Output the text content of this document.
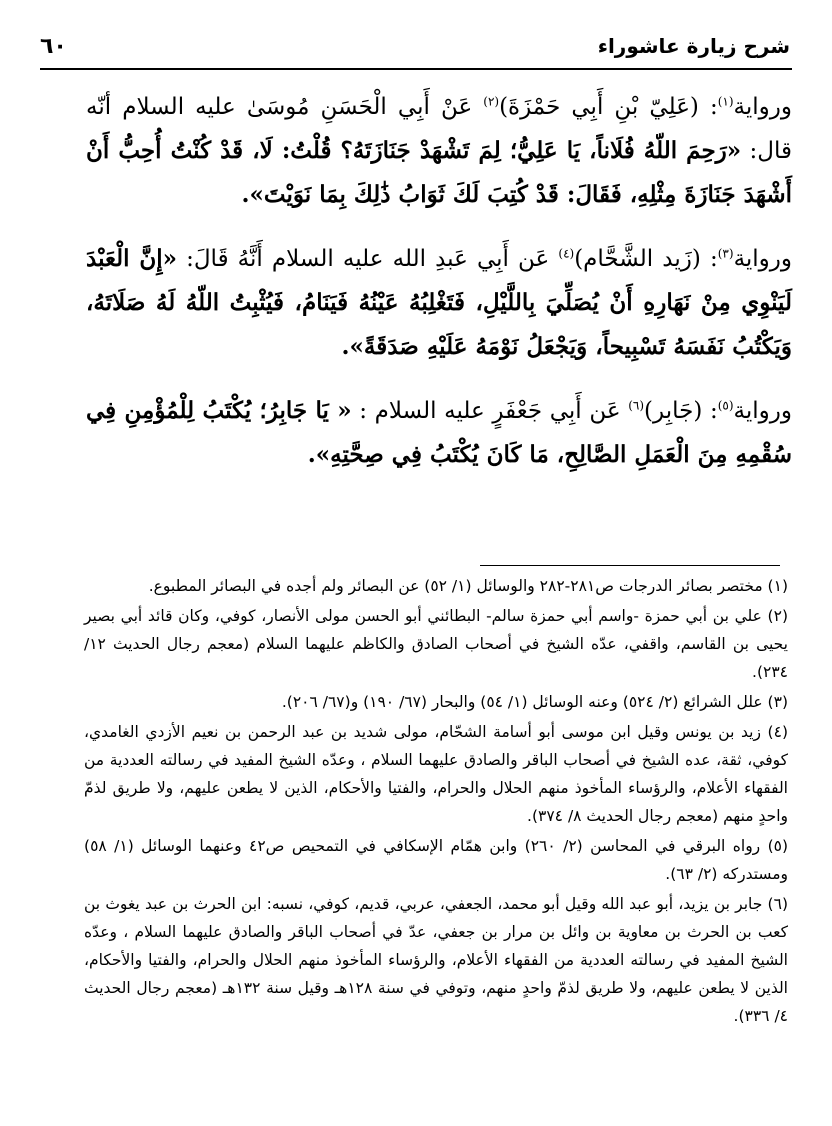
شرح زيارة عاشوراء
٦٠

ورواية$^{(١)}$: (عَلِيّ بْنِ أَبِي حَمْزَةَ)$^{(٢)}$ عَنْ أَبِي الْحَسَنِ مُوسَىٰ عليه السلام أنّه قال: «رَحِمَ اللّهُ فُلَاناً، يَا عَلِيُّ؛ لِمَ تَشْهَدْ جَنَازَتَهُ؟ قُلْتُ: لَا، قَدْ كُنْتُ أُحِبُّ أَنْ أَشْهَدَ جَنَازَةَ مِثْلِهِ، فَقَالَ: قَدْ كُتِبَ لَكَ ثَوَابُ ذَٰلِكَ بِمَا نَوَيْتَ».

ورواية$^{(٣)}$: (زَيد الشَّحَّام)$^{(٤)}$ عَن أَبِي عَبدِ الله عليه السلام أَنَّهُ قَالَ: «إِنَّ الْعَبْدَ لَيَنْوِي مِنْ نَهَارِهِ أَنْ يُصَلِّيَ بِاللَّيْلِ، فَتَغْلِبُهُ عَيْنُهُ فَيَنَامُ، فَيُثْبِتُ اللّهُ لَهُ صَلَاتَهُ، وَيَكْتُبُ نَفَسَهُ تَسْبِيحاً، وَيَجْعَلُ نَوْمَهُ عَلَيْهِ صَدَقَةً».

ورواية$^{(٥)}$: (جَابِر)$^{(٦)}$ عَن أَبِي جَعْفَرٍ عليه السلام : « يَا جَابِرُ؛ يُكْتَبُ لِلْمُؤْمِنِ فِي سُقْمِهِ مِنَ الْعَمَلِ الصَّالِحِ، مَا كَانَ يُكْتَبُ فِي صِحَّتِهِ».

(١) مختصر بصائر الدرجات ص٢٨١-٢٨٢ والوسائل (١/ ٥٢) عن البصائر ولم أجده في البصائر المطبوع.

(٢) علي بن أبي حمزة -واسم أبي حمزة سالم- البطائني أبو الحسن مولى الأنصار، كوفي، وكان قائد أبي بصير يحيى بن القاسم، واقفي، عدّه الشيخ في أصحاب الصادق والكاظم عليهما السلام (معجم رجال الحديث ١٢/ ٢٣٤).

(٣) علل الشرائع (٢/ ٥٢٤) وعنه الوسائل (١/ ٥٤) والبحار (٦٧/ ١٩٠) و(٦٧/ ٢٠٦).

(٤) زيد بن يونس وقيل ابن موسى أبو أسامة الشحّام، مولى شديد بن عبد الرحمن بن نعيم الأزدي الغامدي، كوفي، ثقة، عده الشيخ في أصحاب الباقر والصادق عليهما السلام ، وعدّه الشيخ المفيد في رسالته العددية من الفقهاء الأعلام، والرؤساء المأخوذ منهم الحلال والحرام، والفتيا والأحكام، الذين لا يطعن عليهم، ولا طريق لذمّ واحدٍ منهم (معجم رجال الحديث ٨/ ٣٧٤).

(٥) رواه البرقي في المحاسن (٢/ ٢٦٠) وابن همّام الإسكافي في التمحيص ص٤٢ وعنهما الوسائل (١/ ٥٨) ومستدركه (٢/ ٦٣).

(٦) جابر بن يزيد، أبو عبد الله وقيل أبو محمد، الجعفي، عربي، قديم، كوفي، نسبه: ابن الحرث بن عبد يغوث بن كعب بن الحرث بن معاوية بن وائل بن مرار بن جعفي، عدّ في أصحاب الباقر والصادق عليهما السلام ، وعدّه الشيخ المفيد في رسالته العددية من الفقهاء الأعلام، والرؤساء المأخوذ منهم الحلال والحرام، والفتيا والأحكام، الذين لا يطعن عليهم، ولا طريق لذمّ واحدٍ منهم، وتوفي في سنة ١٢٨هـ وقيل سنة ١٣٢هـ (معجم رجال الحديث ٤/ ٣٣٦).
